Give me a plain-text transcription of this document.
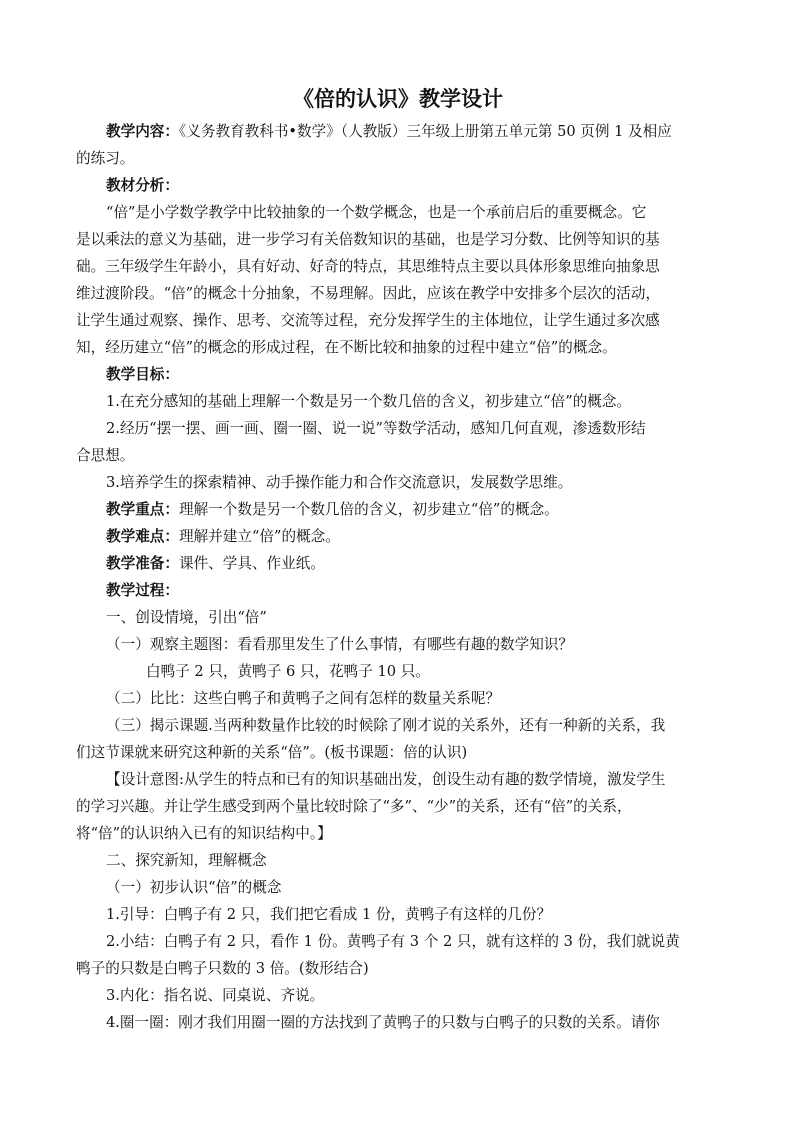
《倍的认识》教学设计

教学内容：《义务教育教科书•数学》（人教版）三年级上册第五单元第 50 页例 1 及相应

的练习。

教材分析：

“倍”是小学数学教学中比较抽象的一个数学概念，也是一个承前启后的重要概念。它

是以乘法的意义为基础，进一步学习有关倍数知识的基础，也是学习分数、比例等知识的基

础。三年级学生年龄小，具有好动、好奇的特点，其思维特点主要以具体形象思维向抽象思

维过渡阶段。“倍”的概念十分抽象，不易理解。因此，应该在教学中安排多个层次的活动，

让学生通过观察、操作、思考、交流等过程，充分发挥学生的主体地位，让学生通过多次感

知，经历建立“倍”的概念的形成过程，在不断比较和抽象的过程中建立“倍”的概念。

教学目标：

1.在充分感知的基础上理解一个数是另一个数几倍的含义，初步建立“倍”的概念。

2.经历“摆一摆、画一画、圈一圈、说一说”等数学活动，感知几何直观，渗透数形结

合思想。

3.培养学生的探索精神、动手操作能力和合作交流意识，发展数学思维。

教学重点：理解一个数是另一个数几倍的含义，初步建立“倍”的概念。

教学难点：理解并建立“倍”的概念。

教学准备：课件、学具、作业纸。

教学过程：

一、创设情境，引出“倍”

（一）观察主题图：看看那里发生了什么事情，有哪些有趣的数学知识？

白鸭子 2 只，黄鸭子 6 只，花鸭子 10 只。

（二）比比：这些白鸭子和黄鸭子之间有怎样的数量关系呢？

（三）揭示课题.当两种数量作比较的时候除了刚才说的关系外，还有一种新的关系，我

们这节课就来研究这种新的关系“倍”。(板书课题：倍的认识)

【设计意图:从学生的特点和已有的知识基础出发，创设生动有趣的数学情境，激发学生

的学习兴趣。并让学生感受到两个量比较时除了“多”、“少”的关系，还有“倍”的关系，

将“倍”的认识纳入已有的知识结构中。】

二、探究新知，理解概念

（一）初步认识“倍”的概念

1.引导：白鸭子有 2 只，我们把它看成 1 份，黄鸭子有这样的几份？

2.小结：白鸭子有 2 只，看作 1 份。黄鸭子有 3 个 2 只，就有这样的 3 份，我们就说黄

鸭子的只数是白鸭子只数的 3 倍。(数形结合)

3.内化：指名说、同桌说、齐说。

4.圈一圈：刚才我们用圈一圈的方法找到了黄鸭子的只数与白鸭子的只数的关系。请你
